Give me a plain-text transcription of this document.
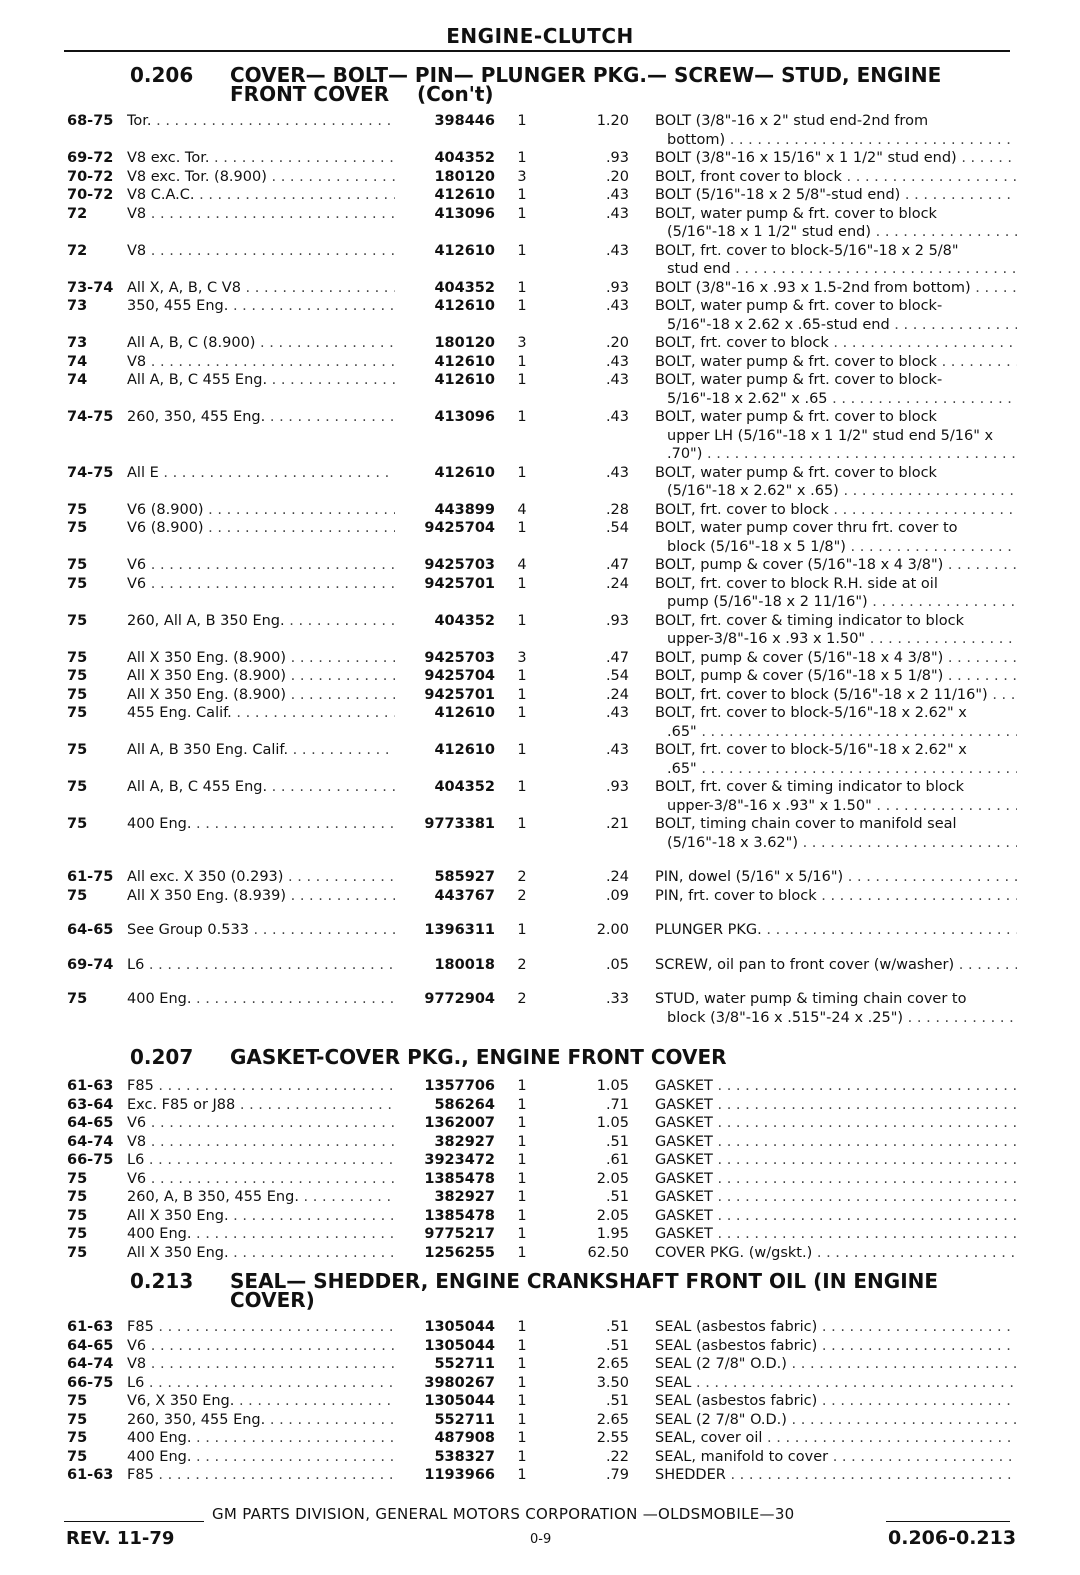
ENGINE-CLUTCH
0.206 COVER— BOLT— PIN— PLUNGER PKG.— SCREW— STUD, ENGINE
FRONT COVER    (Con't)
68-75 Tor. . . .	398446	1	1.20 BOLT (3/8"-16 x 2" stud end-2nd from
bottom) . . .
69-72 V8 exc. Tor. . . .	404352	1	.93 BOLT (3/8"-16 x 15/16" x 1 1/2" stud end) . . .
70-72 V8 exc. Tor. (8.900) . . .	180120	3	.20 BOLT, front cover to block . . .
70-72 V8 C.A.C. . . .	412610	1	.43 BOLT (5/16"-18 x 2 5/8"-stud end) . . .
72	V8 . . .	413096	1	.43 BOLT, water pump & frt. cover to block
(5/16"-18 x 1 1/2" stud end) . . .
72	V8 . . .	412610	1	.43 BOLT, frt. cover to block-5/16"-18 x 2 5/8"
stud end . . .
73-74 All X, A, B, C V8 . . .	404352	1	.93 BOLT (3/8"-16 x .93 x 1.5-2nd from bottom) . . .
73	350, 455 Eng. . . .	412610	1	.43 BOLT, water pump & frt. cover to block-
5/16"-18 x 2.62 x .65-stud end . . .
73	All A, B, C (8.900) . . .	180120	3	.20 BOLT, frt. cover to block . . .
74	V8 . . .	412610	1	.43 BOLT, water pump & frt. cover to block . . .
74	All A, B, C 455 Eng. . . .	412610	1	.43 BOLT, water pump & frt. cover to block-
5/16"-18 x 2.62" x .65 . . .
74-75 260, 350, 455 Eng. . . .	413096	1	.43 BOLT, water pump & frt. cover to block
upper LH (5/16"-18 x 1 1/2" stud end 5/16" x
.70") . . .
74-75 All E . . .	412610	1	.43 BOLT, water pump & frt. cover to block
(5/16"-18 x 2.62" x .65) . . .
75	V6 (8.900) . . .	443899	4	.28 BOLT, frt. cover to block . . .
75	V6 (8.900) . . .	9425704	1	.54 BOLT, water pump cover thru frt. cover to
block (5/16"-18 x 5 1/8") . . .
75	V6 . . .	9425703	4	.47 BOLT, pump & cover (5/16"-18 x 4 3/8") . . .
75	V6 . . .	9425701	1	.24 BOLT, frt. cover to block R.H. side at oil
pump (5/16"-18 x 2 11/16") . . .
75	260, All A, B 350 Eng. . . .	404352	1	.93 BOLT, frt. cover & timing indicator to block
upper-3/8"-16 x .93 x 1.50" . . .
75	All X 350 Eng. (8.900) . . .	9425703	3	.47 BOLT, pump & cover (5/16"-18 x 4 3/8") . . .
75	All X 350 Eng. (8.900) . . .	9425704	1	.54 BOLT, pump & cover (5/16"-18 x 5 1/8") . . .
75	All X 350 Eng. (8.900) . . .	9425701	1	.24 BOLT, frt. cover to block (5/16"-18 x 2 11/16") . . .
75	455 Eng. Calif. . . .	412610	1	.43 BOLT, frt. cover to block-5/16"-18 x 2.62" x
.65" . . .
75	All A, B 350 Eng. Calif. . . .	412610	1	.43 BOLT, frt. cover to block-5/16"-18 x 2.62" x
.65" . . .
75	All A, B, C 455 Eng. . . .	404352	1	.93 BOLT, frt. cover & timing indicator to block
upper-3/8"-16 x .93" x 1.50" . . .
75	400 Eng. . . .	9773381	1	.21 BOLT, timing chain cover to manifold seal
(5/16"-18 x 3.62") . . .
61-75 All exc. X 350 (0.293) . . .	585927	2	.24 PIN, dowel (5/16" x 5/16") . . .
75	All X 350 Eng. (8.939) . . .	443767	2	.09 PIN, frt. cover to block . . .
64-65 See Group 0.533 . . .	1396311	1	2.00 PLUNGER PKG. . . .
69-74 L6 . . .	180018	2	.05 SCREW, oil pan to front cover (w/washer) . . .
75	400 Eng. . . .	9772904	2	.33 STUD, water pump & timing chain cover to
block (3/8"-16 x .515"-24 x .25") . . .
0.207 GASKET-COVER PKG., ENGINE FRONT COVER
61-63 F85 . . .	1357706	1	1.05 GASKET . . .
63-64 Exc. F85 or J88 . . .	586264	1	.71 GASKET . . .
64-65 V6 . . .	1362007	1	1.05 GASKET . . .
64-74 V8 . . .	382927	1	.51 GASKET . . .
66-75 L6 . . .	3923472	1	.61 GASKET . . .
75	V6 . . .	1385478	1	2.05 GASKET . . .
75	260, A, B 350, 455 Eng. . . .	382927	1	.51 GASKET . . .
75	All X 350 Eng. . . .	1385478	1	2.05 GASKET . . .
75	400 Eng. . . .	9775217	1	1.95 GASKET . . .
75	All X 350 Eng. . . .	1256255	1	62.50 COVER PKG. (w/gskt.) . . .
0.213 SEAL— SHEDDER, ENGINE CRANKSHAFT FRONT OIL (IN ENGINE
COVER)
61-63 F85 . . .	1305044	1	.51 SEAL (asbestos fabric) . . .
64-65 V6 . . .	1305044	1	.51 SEAL (asbestos fabric) . . .
64-74 V8 . . .	552711	1	2.65 SEAL (2 7/8" O.D.) . . .
66-75 L6 . . .	3980267	1	3.50 SEAL . . .
75	V6, X 350 Eng. . . .	1305044	1	.51 SEAL (asbestos fabric) . . .
75	260, 350, 455 Eng. . . .	552711	1	2.65 SEAL (2 7/8" O.D.) . . .
75	400 Eng. . . .	487908	1	2.55 SEAL, cover oil . . .
75	400 Eng. . . .	538327	1	.22 SEAL, manifold to cover . . .
61-63 F85 . . .	1193966	1	.79 SHEDDER . . .
GM PARTS DIVISION, GENERAL MOTORS CORPORATION —OLDSMOBILE—30
REV. 11-79	0-9	0.206-0.213
